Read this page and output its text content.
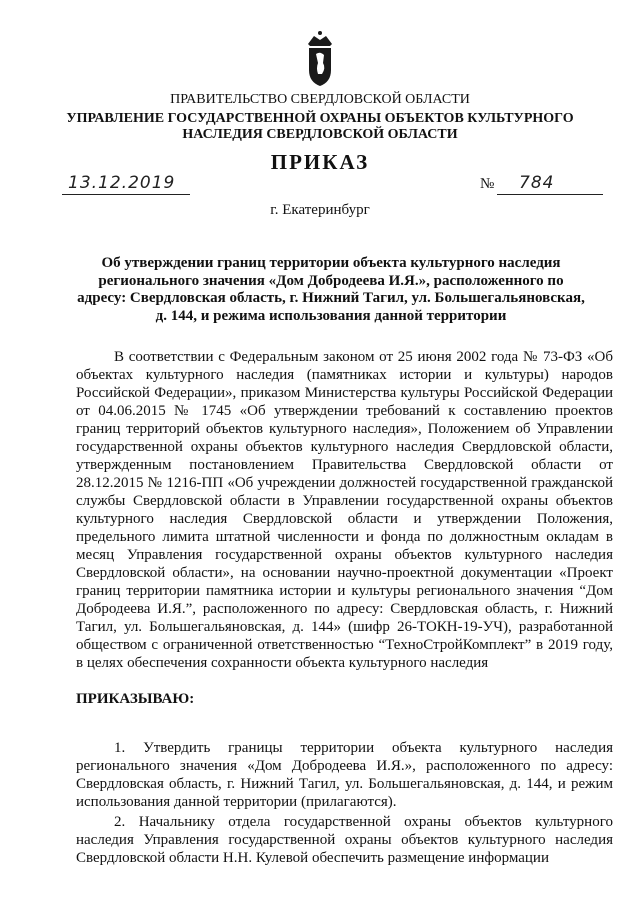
ПРАВИТЕЛЬСТВО СВЕРДЛОВСКОЙ ОБЛАСТИ
УПРАВЛЕНИЕ ГОСУДАРСТВЕННОЙ ОХРАНЫ ОБЪЕКТОВ КУЛЬТУРНОГО НАСЛЕДИЯ СВЕРДЛОВСКОЙ ОБЛАСТИ
ПРИКАЗ
13.12.2019	№ 784
г. Екатеринбург
Об утверждении границ территории объекта культурного наследия регионального значения «Дом Добродеева И.Я.», расположенного по адресу: Свердловская область, г. Нижний Тагил, ул. Большегальяновская, д. 144, и режима использования данной территории
В соответствии с Федеральным законом от 25 июня 2002 года № 73-ФЗ «Об объектах культурного наследия (памятниках истории и культуры) народов Российской Федерации», приказом Министерства культуры Российской Федерации от 04.06.2015 № 1745 «Об утверждении требований к составлению проектов границ территорий объектов культурного наследия», Положением об Управлении государственной охраны объектов культурного наследия Свердловской области, утвержденным постановлением Правительства Свердловской области от 28.12.2015 № 1216-ПП «Об учреждении должностей государственной гражданской службы Свердловской области в Управлении государственной охраны объектов культурного наследия Свердловской области и утверждении Положения, предельного лимита штатной численности и фонда по должностным окладам в месяц Управления государственной охраны объектов культурного наследия Свердловской области», на основании научно-проектной документации «Проект границ территории памятника истории и культуры регионального значения “Дом Добродеева И.Я.”, расположенного по адресу: Свердловская область, г. Нижний Тагил, ул. Большегальяновская, д. 144» (шифр 26-ТОКН-19-УЧ), разработанной обществом с ограниченной ответственностью “ТехноСтройКомплект” в 2019 году, в целях обеспечения сохранности объекта культурного наследия
ПРИКАЗЫВАЮ:

1. Утвердить границы территории объекта культурного наследия регионального значения «Дом Добродеева И.Я.», расположенного по адресу: Свердловская область, г. Нижний Тагил, ул. Большегальяновская, д. 144, и режим использования данной территории (прилагаются).

2. Начальнику отдела государственной охраны объектов культурного наследия Управления государственной охраны объектов культурного наследия Свердловской области Н.Н. Кулевой обеспечить размещение информации
